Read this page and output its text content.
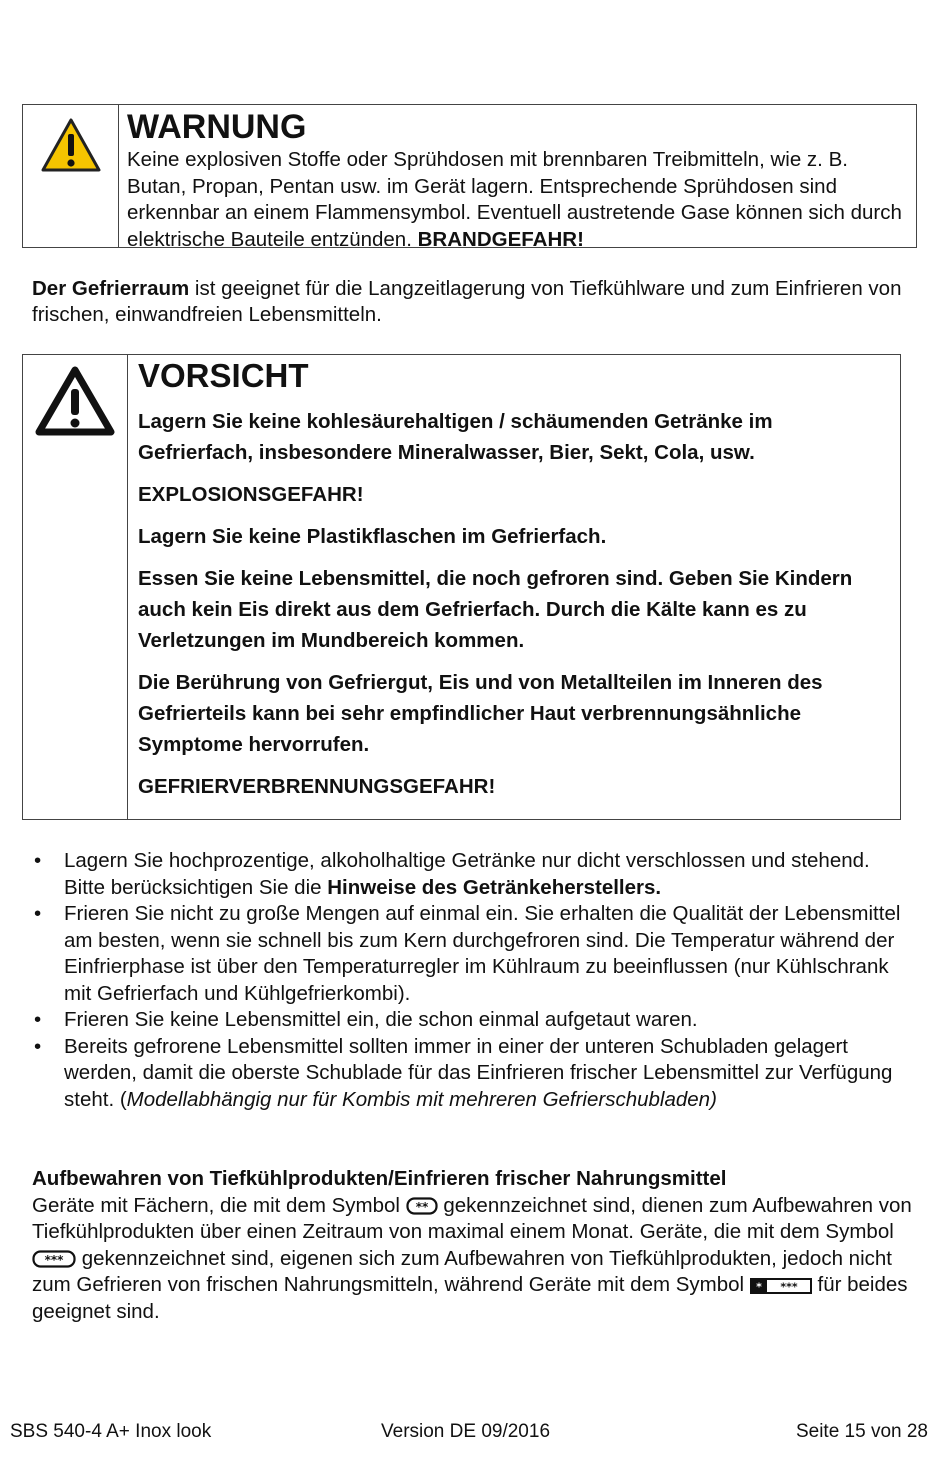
WARNUNG
Keine explosiven Stoffe oder Sprühdosen mit brennbaren Treibmitteln, wie z. B. Butan, Propan, Pentan usw. im Gerät lagern. Entsprechende Sprühdosen sind erkennbar an einem Flammensymbol. Eventuell austretende Gase können sich durch elektrische Bauteile entzünden. BRANDGEFAHR!
Der Gefrierraum ist geeignet für die Langzeitlagerung von Tiefkühlware und zum Einfrieren von frischen, einwandfreien Lebensmitteln.
VORSICHT
Lagern Sie keine kohlesäurehaltigen / schäumenden Getränke im Gefrierfach, insbesondere Mineralwasser, Bier, Sekt, Cola, usw.
EXPLOSIONSGEFAHR!
Lagern Sie keine Plastikflaschen im Gefrierfach.
Essen Sie keine Lebensmittel, die noch gefroren sind. Geben Sie Kindern auch kein Eis direkt aus dem Gefrierfach. Durch die Kälte kann es zu Verletzungen im Mundbereich kommen.
Die Berührung von Gefriergut, Eis und von Metallteilen im Inneren des Gefrierteils kann bei sehr empfindlicher Haut verbrennungsähnliche Symptome hervorrufen.
GEFRIERVERBRENNUNGSGEFAHR!
• Lagern Sie hochprozentige, alkoholhaltige Getränke nur dicht verschlossen und stehend. Bitte berücksichtigen Sie die Hinweise des Getränkeherstellers.
• Frieren Sie nicht zu große Mengen auf einmal ein. Sie erhalten die Qualität der Lebensmittel am besten, wenn sie schnell bis zum Kern durchgefroren sind. Die Temperatur während der Einfrierphase ist über den Temperaturregler im Kühlraum zu beeinflussen (nur Kühlschrank mit Gefrierfach und Kühlgefrierkombi).
• Frieren Sie keine Lebensmittel ein, die schon einmal aufgetaut waren.
• Bereits gefrorene Lebensmittel sollten immer in einer der unteren Schubladen gelagert werden, damit die oberste Schublade für das Einfrieren frischer Lebensmittel zur Verfügung steht. (Modellabhängig nur für Kombis mit mehreren Gefrierschubladen)
Aufbewahren von Tiefkühlprodukten/Einfrieren frischer Nahrungsmittel
Geräte mit Fächern, die mit dem Symbol ** gekennzeichnet sind, dienen zum Aufbewahren von Tiefkühlprodukten über einen Zeitraum von maximal einem Monat. Geräte, die mit dem Symbol
*** gekennzeichnet sind, eigenen sich zum Aufbewahren von Tiefkühlprodukten, jedoch nicht zum Gefrieren von frischen Nahrungsmitteln, während Geräte mit dem Symbol * *** für beides geeignet sind.
SBS 540-4 A+ Inox look	Version DE 09/2016	Seite 15 von 28
